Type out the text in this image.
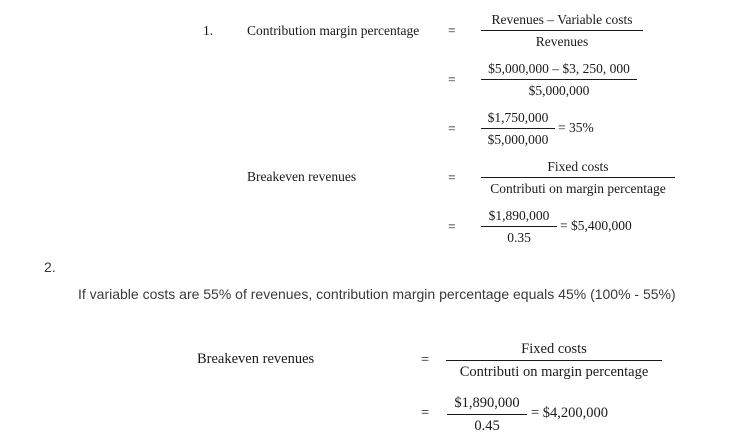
1.	Contribution margin percentage =
Revenues – Variable costs
Revenues
=
$5,000,000 – $3, 250, 000
$5,000,000
=
$1,750,000
$5,000,000
= 35%
Breakeven revenues	=
Fixed costs
Contributi on margin percentage
=
$1,890,000
0.35
= $5,400,000
2.
If variable costs are 55% of revenues, contribution margin percentage equals 45% (100% - 55%)
Breakeven revenues	=
Fixed costs
Contributi on margin percentage
=
$1,890,000
0.45
= $4,200,000
